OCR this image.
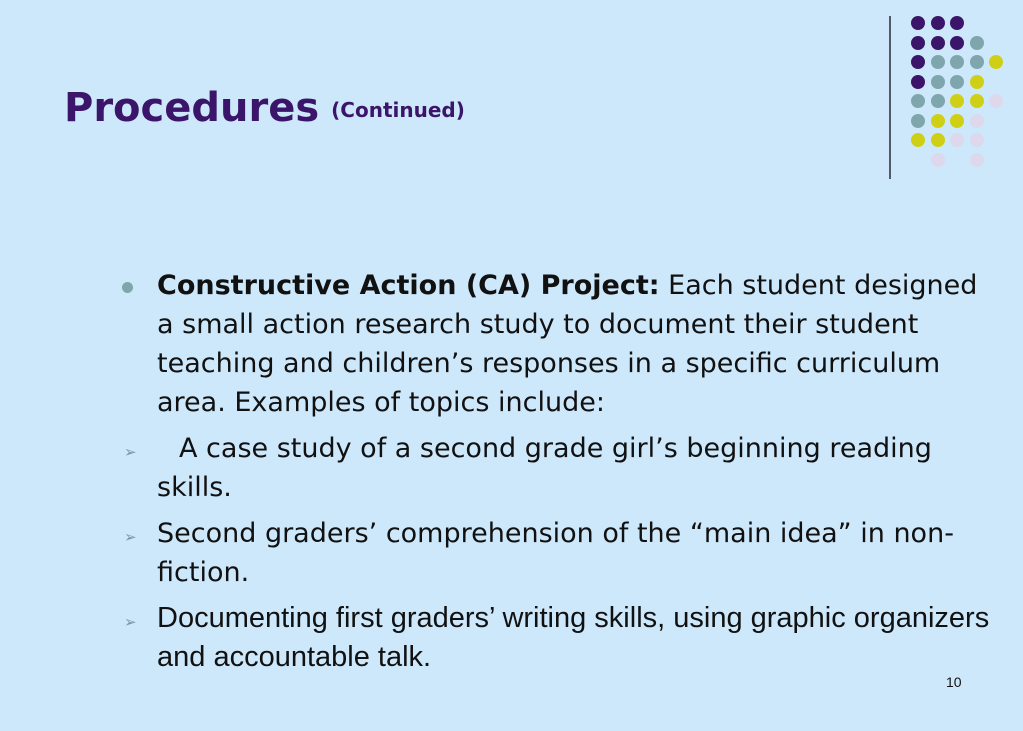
Procedures $^{(Continued)}$
Constructive Action (CA) Project: Each student designed a small action research study to document their student teaching and children’s responses in a specific curriculum area. Examples of topics include:
➢ A case study of a second grade girl’s beginning reading skills.
➢ Second graders’ comprehension of the “main idea” in non-fiction.
➢ Documenting first graders’ writing skills, using graphic organizers and accountable talk.
10
